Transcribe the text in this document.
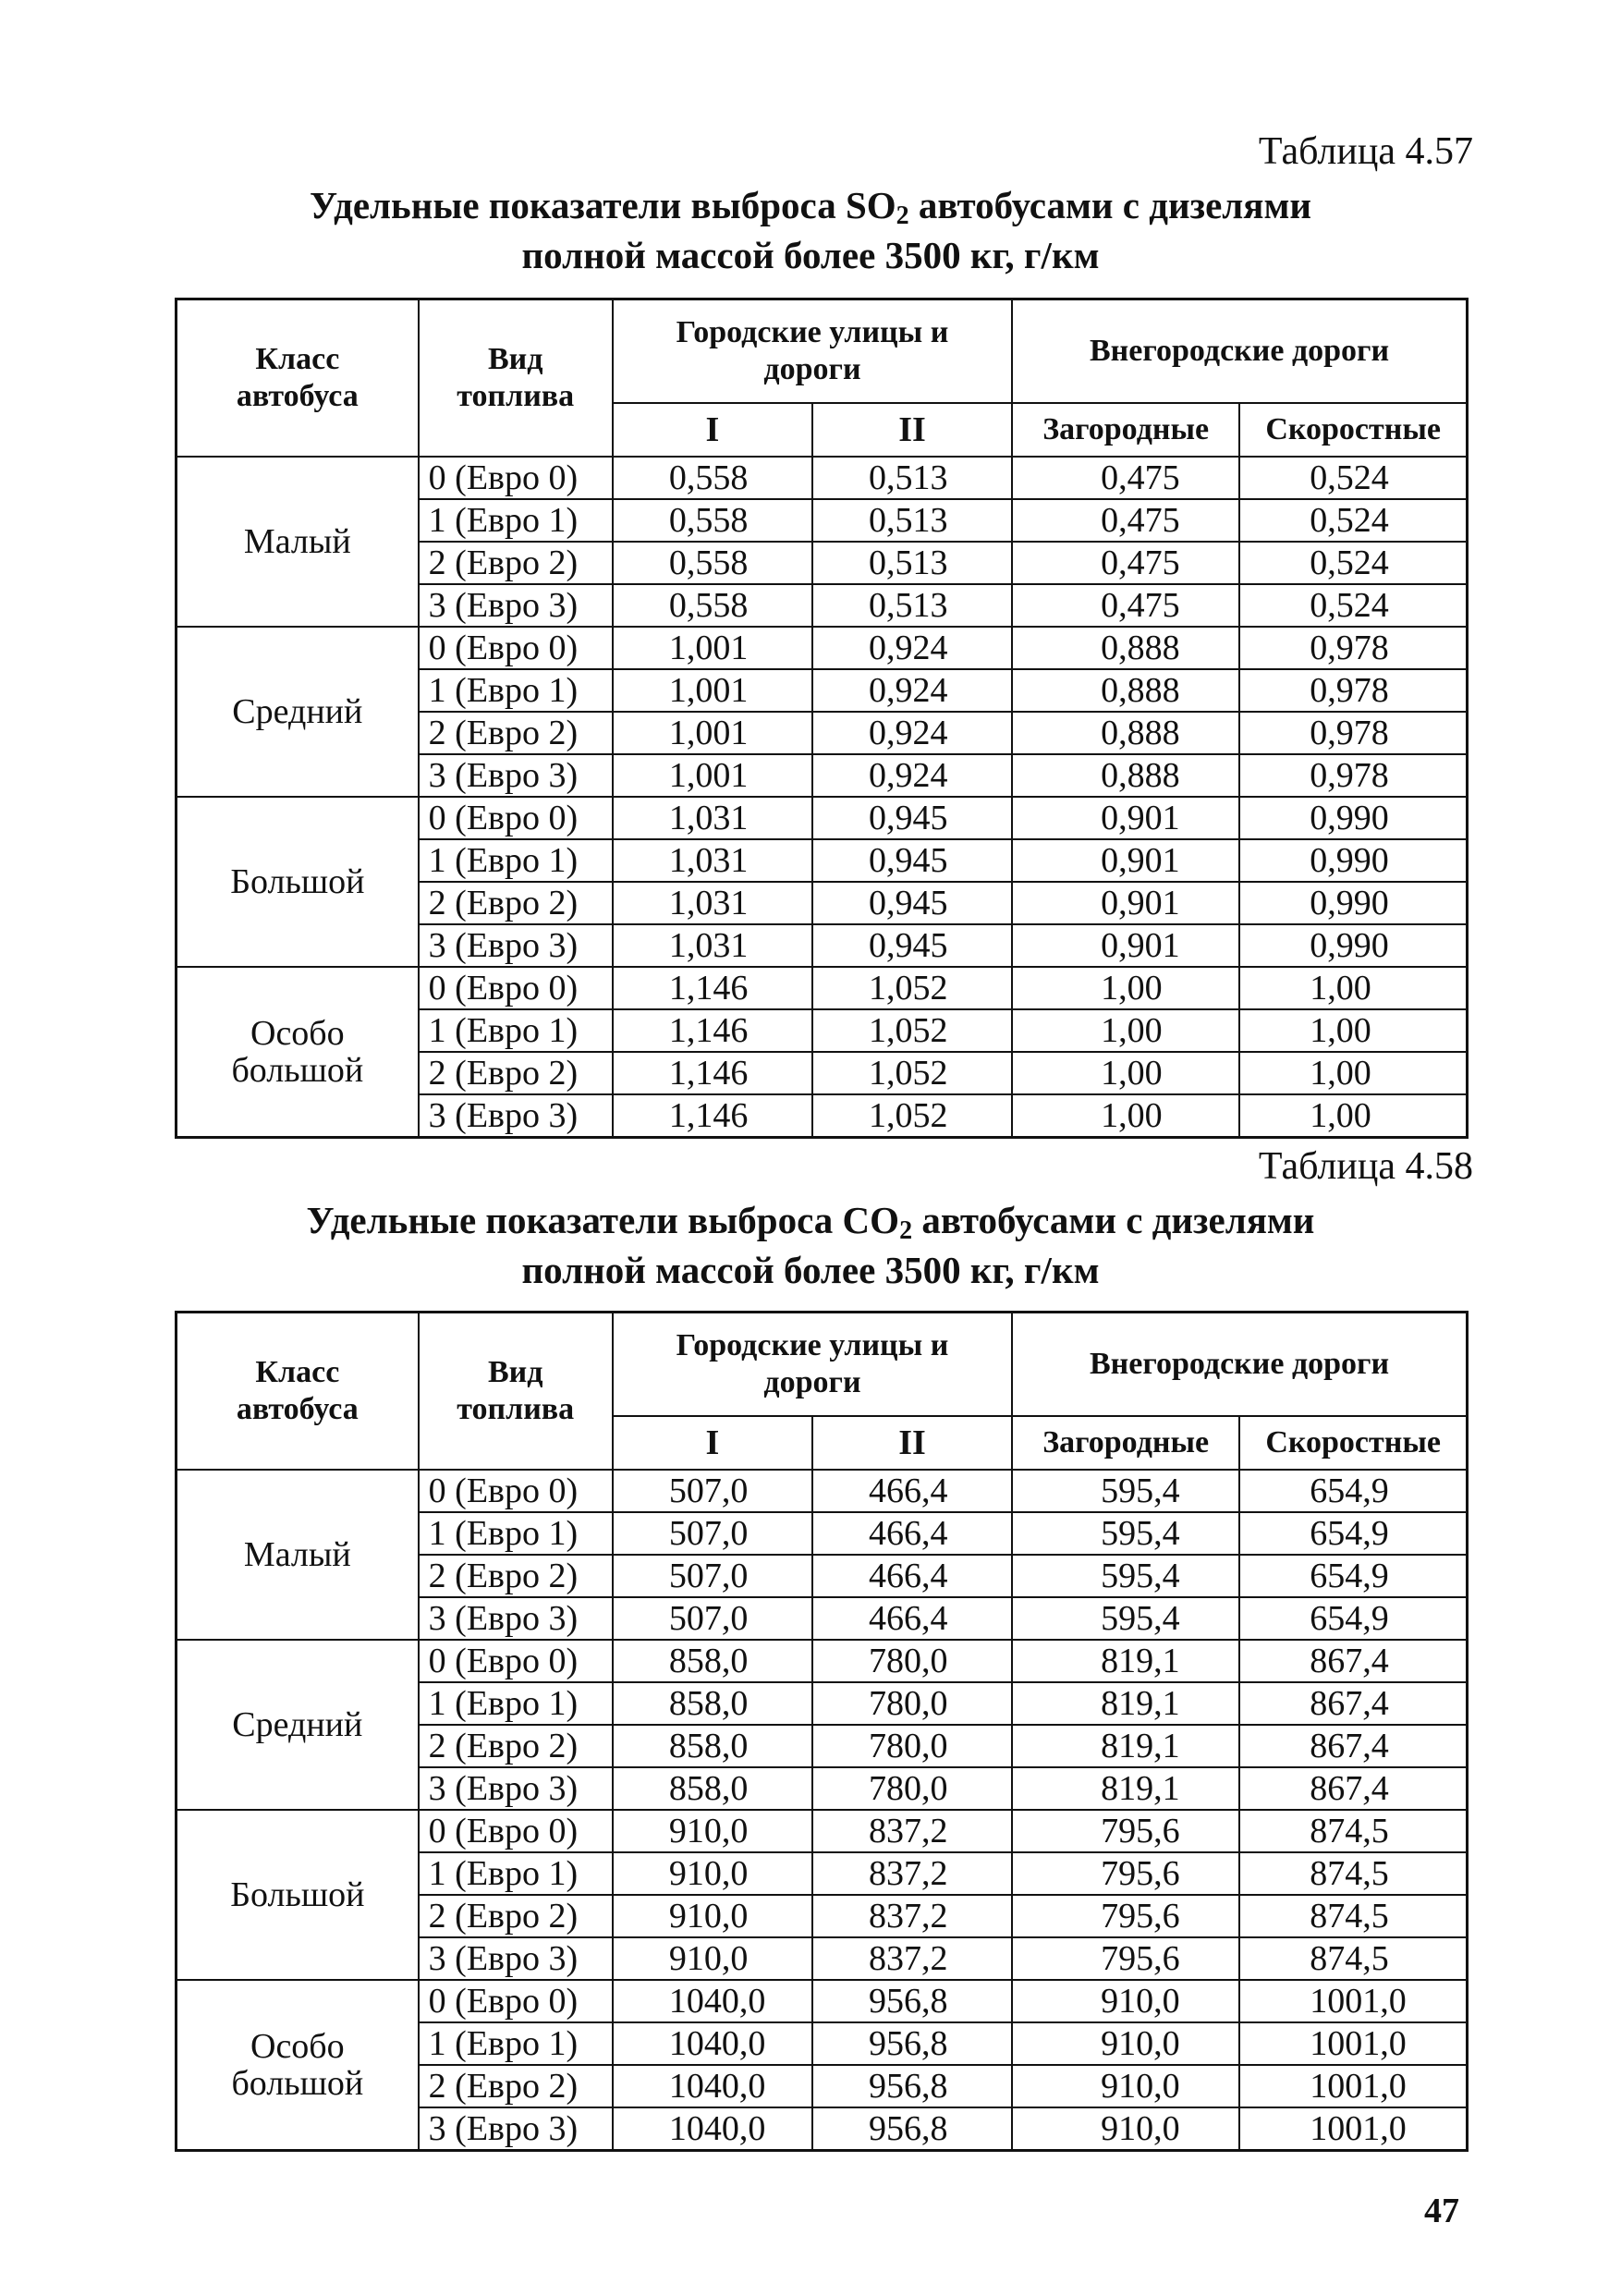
Таблица 4.57
Удельные показатели выброса $SO_2$ автобусами с дизелями
полной массой более 3500 кг, г/км
Класс автобуса	Вид топлива	Городские улицы и дороги		Внегородские дороги	
		I	II	Загородные	Скоростные

Малый	0 (Евро 0)	0,558	0,513	0,475	0,524
	1 (Евро 1)	0,558	0,513	0,475	0,524
	2 (Евро 2)	0,558	0,513	0,475	0,524
	3 (Евро 3)	0,558	0,513	0,475	0,524

Средний	0 (Евро 0)	1,001	0,924	0,888	0,978
	1 (Евро 1)	1,001	0,924	0,888	0,978
	2 (Евро 2)	1,001	0,924	0,888	0,978
	3 (Евро 3)	1,001	0,924	0,888	0,978

Большой	0 (Евро 0)	1,031	0,945	0,901	0,990
	1 (Евро 1)	1,031	0,945	0,901	0,990
	2 (Евро 2)	1,031	0,945	0,901	0,990
	3 (Евро 3)	1,031	0,945	0,901	0,990

Особо
большой	0 (Евро 0)	1,146	1,052	1,00	1,00
	1 (Евро 1)	1,146	1,052	1,00	1,00
	2 (Евро 2)	1,146	1,052	1,00	1,00
	3 (Евро 3)	1,146	1,052	1,00	1,00
Таблица 4.58
Удельные показатели выброса $CO_2$ автобусами с дизелями
полной массой более 3500 кг, г/км
Класс автобуса	Вид топлива	Городские улицы и дороги		Внегородские дороги	
		I	II	Загородные	Скоростные

Малый	0 (Евро 0)	507,0	466,4	595,4	654,9
	1 (Евро 1)	507,0	466,4	595,4	654,9
	2 (Евро 2)	507,0	466,4	595,4	654,9
	3 (Евро 3)	507,0	466,4	595,4	654,9

Средний	0 (Евро 0)	858,0	780,0	819,1	867,4
	1 (Евро 1)	858,0	780,0	819,1	867,4
	2 (Евро 2)	858,0	780,0	819,1	867,4
	3 (Евро 3)	858,0	780,0	819,1	867,4

Большой	0 (Евро 0)	910,0	837,2	795,6	874,5
	1 (Евро 1)	910,0	837,2	795,6	874,5
	2 (Евро 2)	910,0	837,2	795,6	874,5
	3 (Евро 3)	910,0	837,2	795,6	874,5

Особо
большой	0 (Евро 0)	1040,0	956,8	910,0	1001,0
	1 (Евро 1)	1040,0	956,8	910,0	1001,0
	2 (Евро 2)	1040,0	956,8	910,0	1001,0
	3 (Евро 3)	1040,0	956,8	910,0	1001,0
47
